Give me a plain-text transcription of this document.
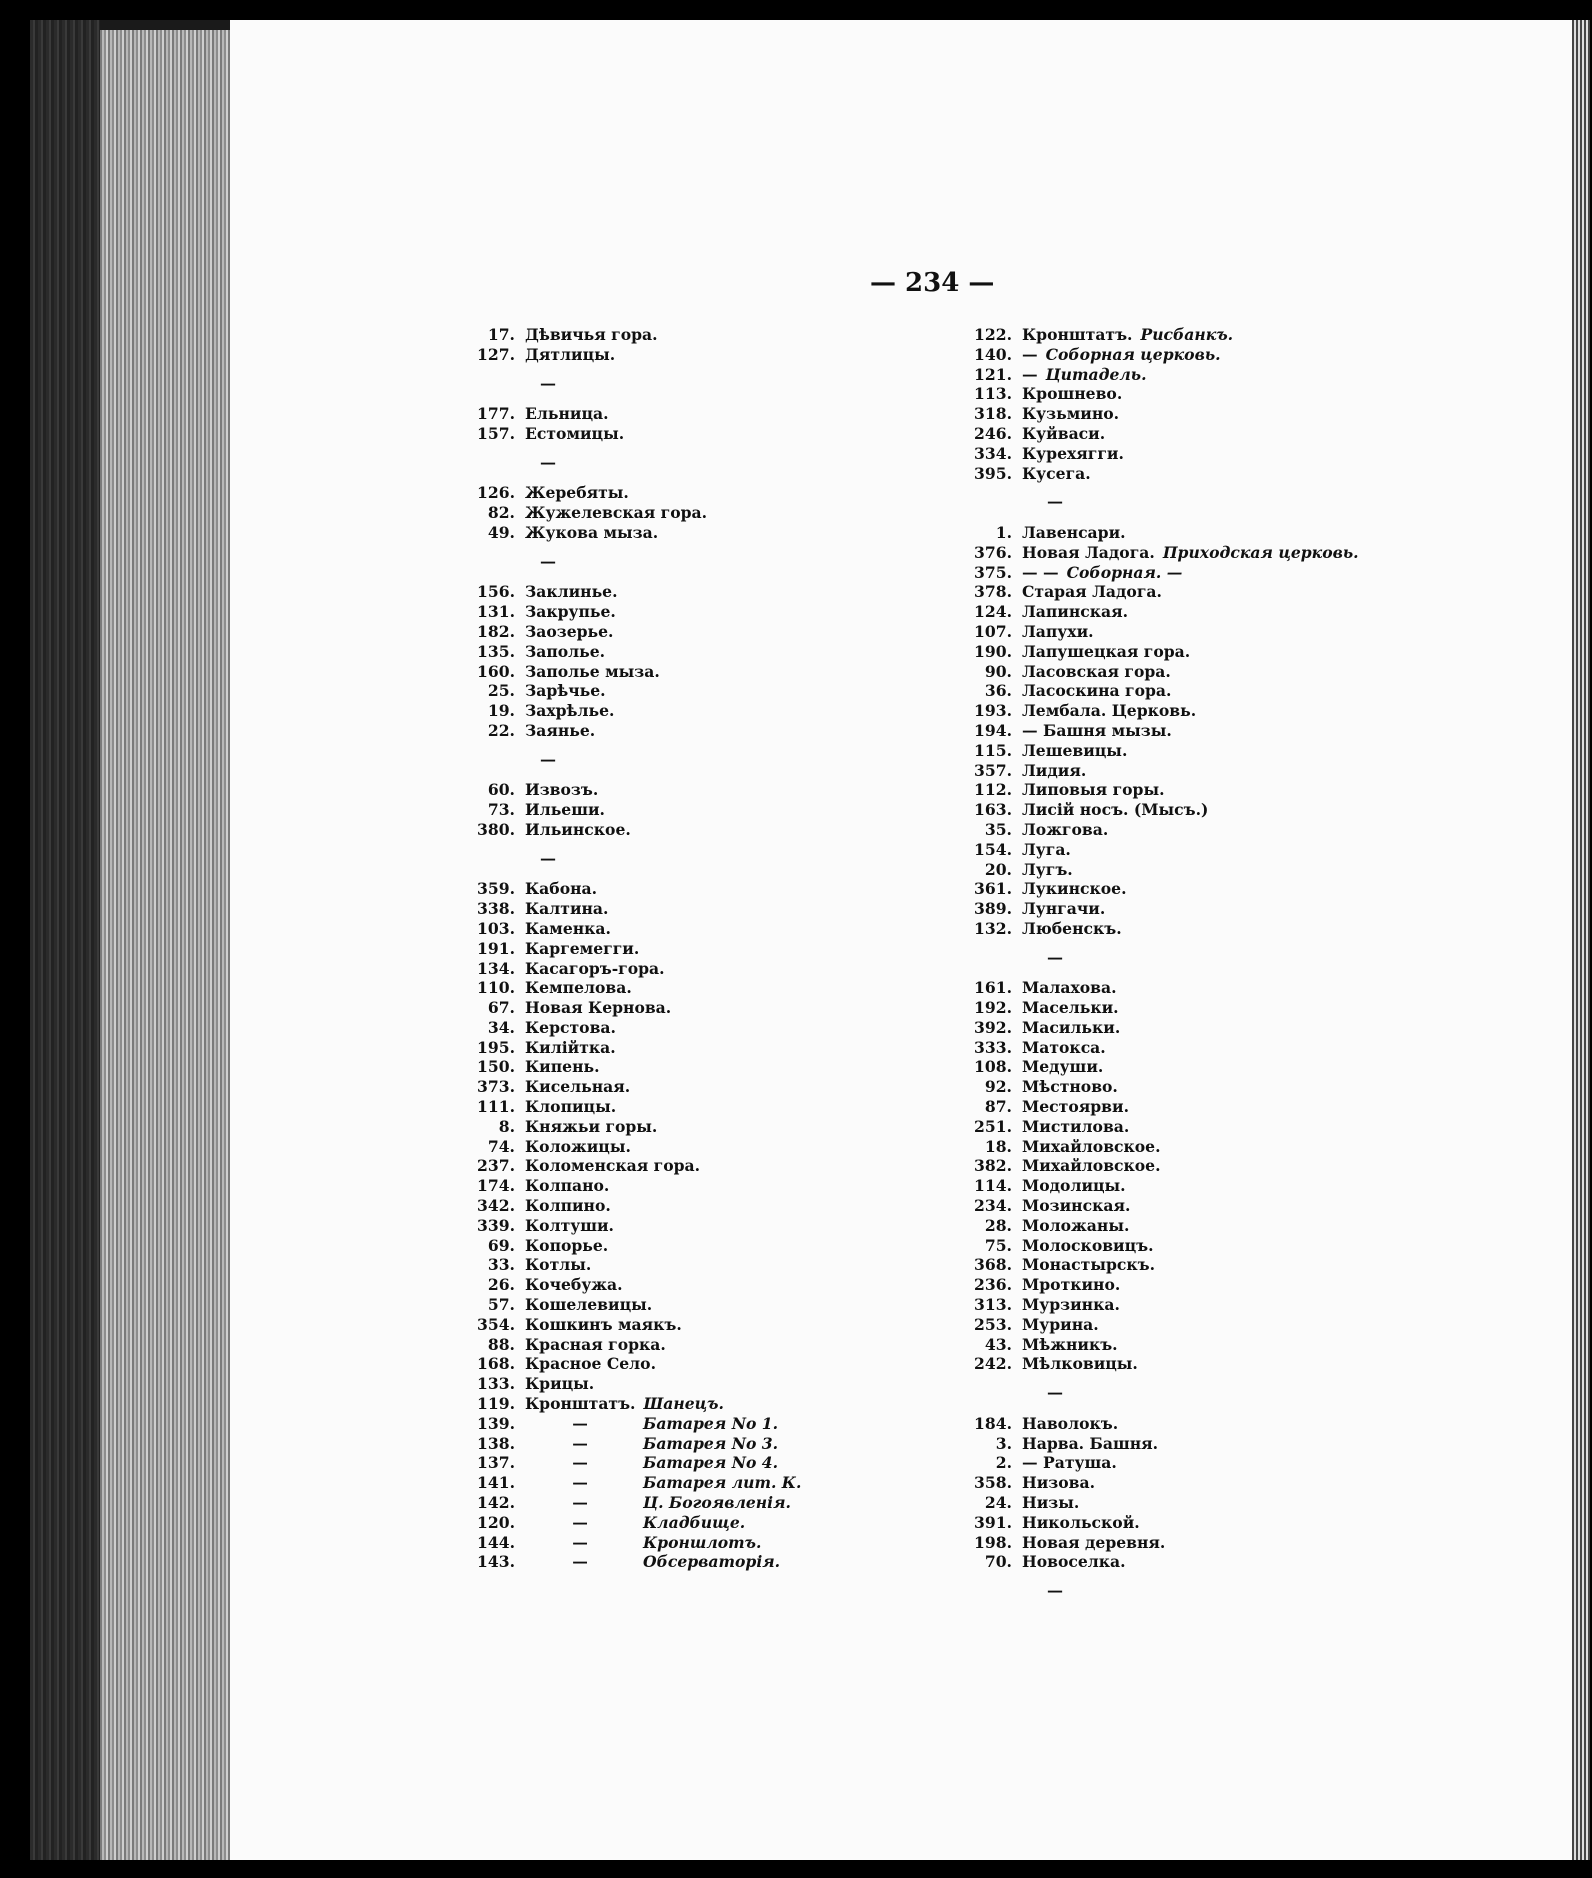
— 234 —
17. Дѣвичья гора.
127. Дятлицы.
—
177. Ельница.
157. Естомицы.
—
126. Жеребяты.
82. Жужелевская гора.
49. Жукова мыза.
—
156. Заклинье.
131. Закрупье.
182. Заозерье.
135. Заполье.
160. Заполье мыза.
25. Зарѣчье.
19. Захрѣлье.
22. Заянье.
—
60. Извозъ.
73. Ильеши.
380. Ильинское.
—
359. Кабона.
338. Калтина.
103. Каменка.
191. Каргемегги.
134. Касагоръ-гора.
110. Кемпелова.
67. Новая Кернова.
34. Керстова.
195. Килійтка.
150. Кипень.
373. Кисельная.
111. Клопицы.
8. Княжьи горы.
74. Коложицы.
237. Коломенская гора.
174. Колпано.
342. Колпино.
339. Колтуши.
69. Копорье.
33. Котлы.
26. Кочебужа.
57. Кошелевицы.
354. Кошкинъ маякъ.
88. Красная горка.
168. Красное Село.
133. Крицы.
119. Кронштатъ. Шанецъ.
139.	—	Батарея No 1.
138.	—	Батарея No 3.
137.	—	Батарея No 4.
141.	—	Батарея лит. К.
142.	—	Ц. Богоявленія.
120.	—	Кладбище.
144.	—	Кроншлотъ.
143.	—	Обсерваторія.
122. Кронштатъ. Рисбанкъ.
140. — Соборная церковь.
121. — Цитадель.
113. Крошнево.
318. Кузьмино.
246. Куйваси.
334. Курехягги.
395. Кусега.
—
1. Лавенсари.
376. Новая Ладога. Приходская церковь.
375. — — Соборная. —
378. Старая Ладога.
124. Лапинская.
107. Лапухи.
190. Лапушецкая гора.
90. Ласовская гора.
36. Ласоскина гора.
193. Лембала. Церковь.
194. — Башня мызы.
115. Лешевицы.
357. Лидия.
112. Липовыя горы.
163. Лисій носъ. (Мысъ.)
35. Ложгова.
154. Луга.
20. Лугъ.
361. Лукинское.
389. Лунгачи.
132. Любенскъ.
—
161. Малахова.
192. Масельки.
392. Масильки.
333. Матокса.
108. Медуши.
92. Мѣстново.
87. Местоярви.
251. Мистилова.
18. Михайловское.
382. Михайловское.
114. Модолицы.
234. Мозинская.
28. Моложаны.
75. Молосковицъ.
368. Монастырскъ.
236. Мроткино.
313. Мурзинка.
253. Мурина.
43. Мѣжникъ.
242. Мѣлковицы.
—
184. Наволокъ.
3. Нарва. Башня.
2. — Ратуша.
358. Низова.
24. Низы.
391. Никольской.
198. Новая деревня.
70. Новоселка.
—
